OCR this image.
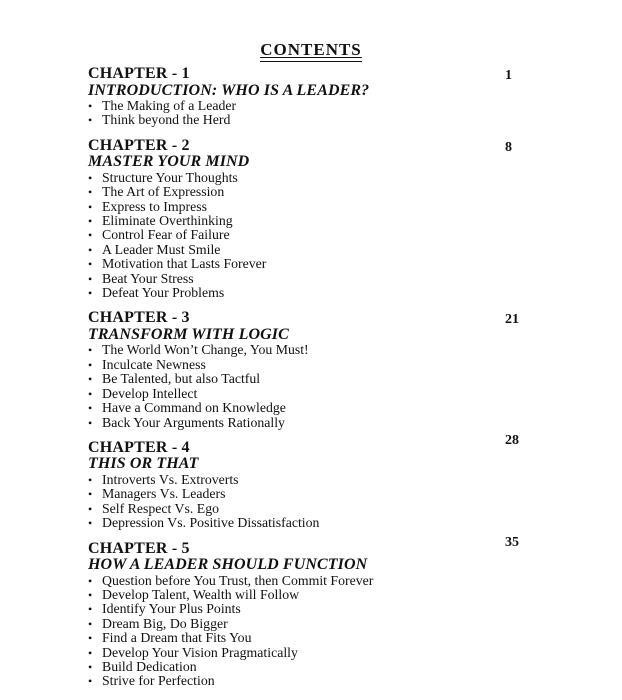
CONTENTS
1
CHAPTER - 1
INTRODUCTION: WHO IS A LEADER?
• The Making of a Leader
• Think beyond the Herd
8
CHAPTER - 2
MASTER YOUR MIND
• Structure Your Thoughts
• The Art of Expression
• Express to Impress
• Eliminate Overthinking
• Control Fear of Failure
• A Leader Must Smile
• Motivation that Lasts Forever
• Beat Your Stress
• Defeat Your Problems
21
CHAPTER - 3
TRANSFORM WITH LOGIC
• The World Won’t Change, You Must!
• Inculcate Newness
• Be Talented, but also Tactful
• Develop Intellect
• Have a Command on Knowledge
• Back Your Arguments Rationally
28
CHAPTER - 4
THIS OR THAT
• Introverts Vs. Extroverts
• Managers Vs. Leaders
• Self Respect Vs. Ego
• Depression Vs. Positive Dissatisfaction
35
CHAPTER - 5
HOW A LEADER SHOULD FUNCTION
• Question before You Trust, then Commit Forever
• Develop Talent, Wealth will Follow
• Identify Your Plus Points
• Dream Big, Do Bigger
• Find a Dream that Fits You
• Develop Your Vision Pragmatically
• Build Dedication
• Strive for Perfection
